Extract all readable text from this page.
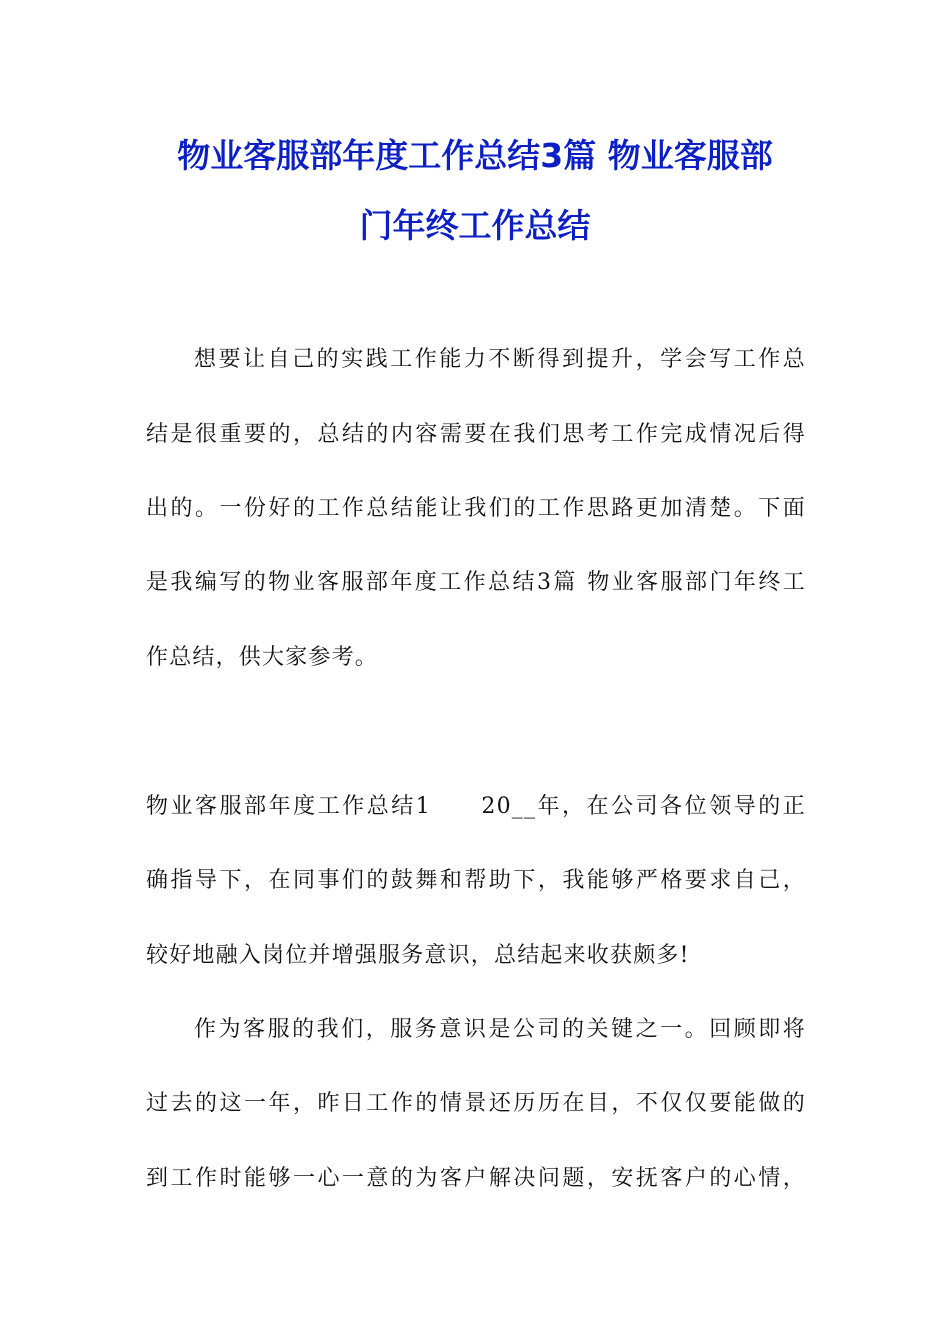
物业客服部年度工作总结3篇 物业客服部
门年终工作总结

想要让自己的实践工作能力不断得到提升，学会写工作总

结是很重要的，总结的内容需要在我们思考工作完成情况后得

出的。一份好的工作总结能让我们的工作思路更加清楚。下面

是我编写的物业客服部年度工作总结3篇 物业客服部门年终工

作总结，供大家参考。

物业客服部年度工作总结1　　20__年，在公司各位领导的正

确指导下，在同事们的鼓舞和帮助下，我能够严格要求自己，

较好地融入岗位并增强服务意识，总结起来收获颇多!

作为客服的我们，服务意识是公司的关键之一。回顾即将

过去的这一年，昨日工作的情景还历历在目，不仅仅要能做的

到工作时能够一心一意的为客户解决问题，安抚客户的心情，
